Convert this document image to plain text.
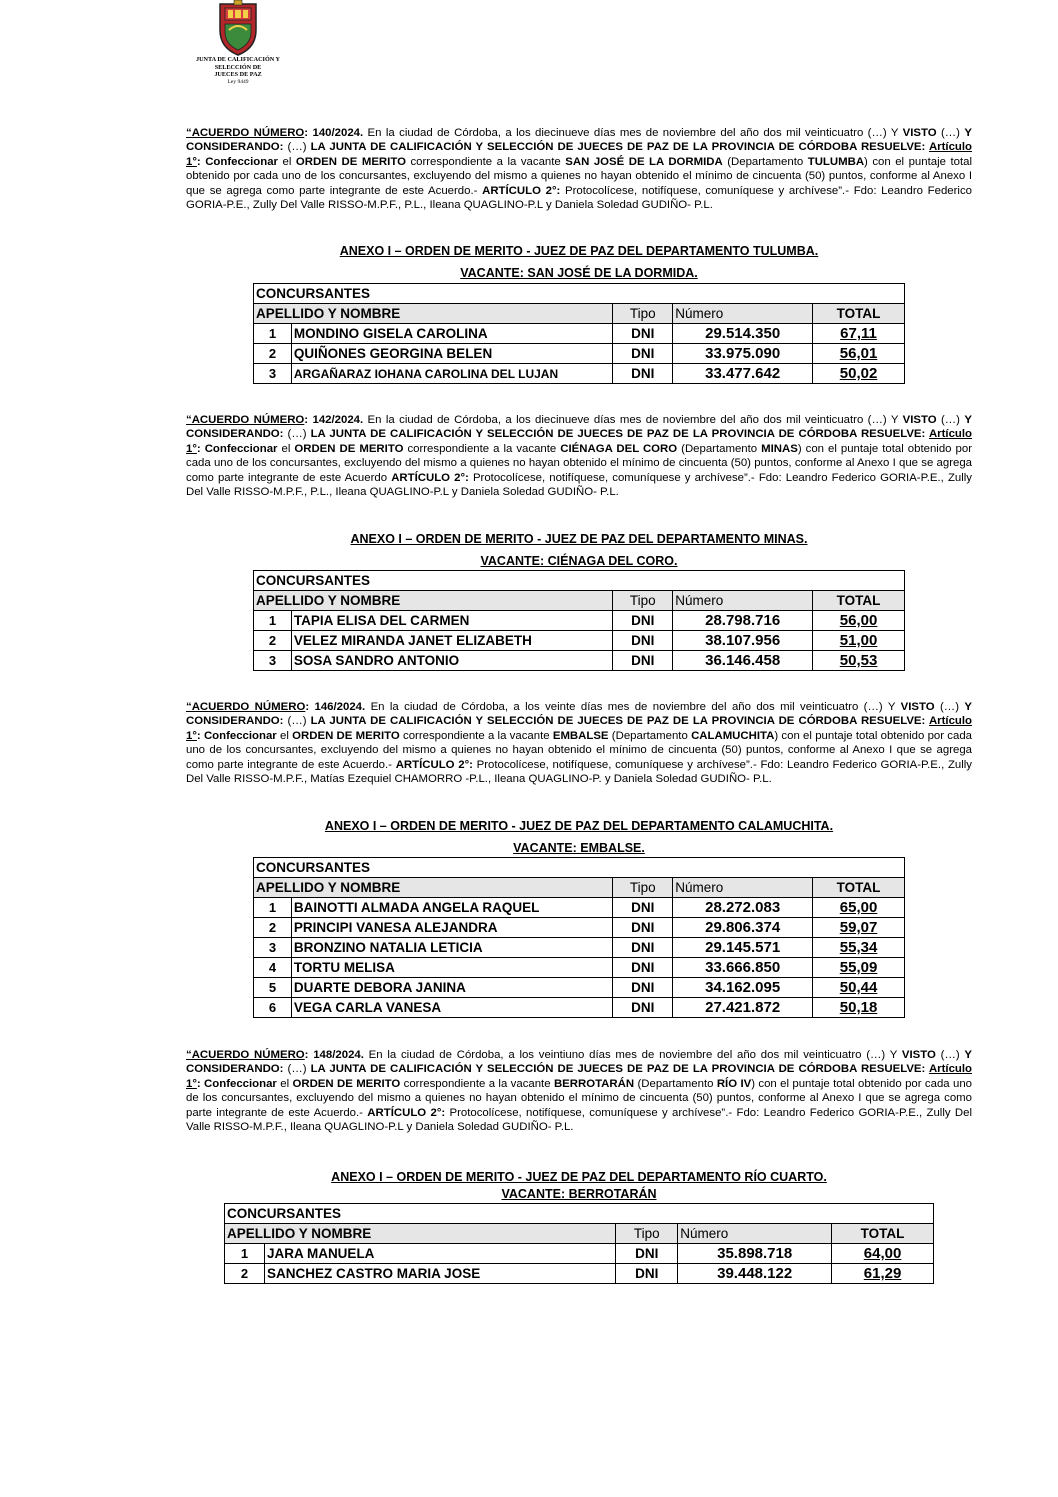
JUNTA DE CALIFICACIÓN Y SELECCIÓN DE
JUECES DE PAZ
Ley 9449

“ACUERDO NÚMERO: 140/2024. En la ciudad de Córdoba, a los diecinueve días mes de noviembre del año dos mil veinticuatro (…) Y VISTO (…) Y CONSIDERANDO: (…) LA JUNTA DE CALIFICACIÓN Y SELECCIÓN DE JUECES DE PAZ DE LA PROVINCIA DE CÓRDOBA RESUELVE: Artículo 1°: Confeccionar el ORDEN DE MERITO correspondiente a la vacante SAN JOSÉ DE LA DORMIDA (Departamento TULUMBA) con el puntaje total obtenido por cada uno de los concursantes, excluyendo del mismo a quienes no hayan obtenido el mínimo de cincuenta (50) puntos, conforme al Anexo I que se agrega como parte integrante de este Acuerdo.- ARTÍCULO 2°: Protocolícese, notifíquese, comuníquese y archívese”.- Fdo: Leandro Federico GORIA-P.E., Zully Del Valle RISSO-M.P.F., P.L., Ileana QUAGLINO-P.L y Daniela Soledad GUDIÑO- P.L.

ANEXO I – ORDEN DE MERITO - JUEZ DE PAZ DEL DEPARTAMENTO TULUMBA.

VACANTE: SAN JOSÉ DE LA DORMIDA.

CONCURSANTES				
APELLIDO Y NOMBRE		Tipo	Número	TOTAL
1	MONDINO GISELA CAROLINA	DNI	29.514.350	67,11
2	QUIÑONES GEORGINA BELEN	DNI	33.975.090	56,01
3	ARGAÑARAZ IOHANA CAROLINA DEL LUJAN	DNI	33.477.642	50,02

“ACUERDO NÚMERO: 142/2024. En la ciudad de Córdoba, a los diecinueve días mes de noviembre del año dos mil veinticuatro (…) Y VISTO (…) Y CONSIDERANDO: (…) LA JUNTA DE CALIFICACIÓN Y SELECCIÓN DE JUECES DE PAZ DE LA PROVINCIA DE CÓRDOBA RESUELVE: Artículo 1°: Confeccionar el ORDEN DE MERITO correspondiente a la vacante CIÉNAGA DEL CORO (Departamento MINAS) con el puntaje total obtenido por cada uno de los concursantes, excluyendo del mismo a quienes no hayan obtenido el mínimo de cincuenta (50) puntos, conforme al Anexo I que se agrega como parte integrante de este Acuerdo ARTÍCULO 2°: Protocolícese, notifíquese, comuníquese y archívese”.- Fdo: Leandro Federico GORIA-P.E., Zully Del Valle RISSO-M.P.F., P.L., Ileana QUAGLINO-P.L y Daniela Soledad GUDIÑO- P.L.

ANEXO I – ORDEN DE MERITO - JUEZ DE PAZ DEL DEPARTAMENTO MINAS.

VACANTE: CIÉNAGA DEL CORO.

CONCURSANTES				
APELLIDO Y NOMBRE		Tipo	Número	TOTAL
1	TAPIA ELISA DEL CARMEN	DNI	28.798.716	56,00
2	VELEZ MIRANDA JANET ELIZABETH	DNI	38.107.956	51,00
3	SOSA SANDRO ANTONIO	DNI	36.146.458	50,53

“ACUERDO NÚMERO: 146/2024. En la ciudad de Córdoba, a los veinte días mes de noviembre del año dos mil veinticuatro (…) Y VISTO (…) Y CONSIDERANDO: (…) LA JUNTA DE CALIFICACIÓN Y SELECCIÓN DE JUECES DE PAZ DE LA PROVINCIA DE CÓRDOBA RESUELVE: Artículo 1°: Confeccionar el ORDEN DE MERITO correspondiente a la vacante EMBALSE (Departamento CALAMUCHITA) con el puntaje total obtenido por cada uno de los concursantes, excluyendo del mismo a quienes no hayan obtenido el mínimo de cincuenta (50) puntos, conforme al Anexo I que se agrega como parte integrante de este Acuerdo.- ARTÍCULO 2°: Protocolícese, notifíquese, comuníquese y archívese”.- Fdo: Leandro Federico GORIA-P.E., Zully Del Valle RISSO-M.P.F., Matías Ezequiel CHAMORRO -P.L., Ileana QUAGLINO-P. y Daniela Soledad GUDIÑO- P.L.

ANEXO I – ORDEN DE MERITO - JUEZ DE PAZ DEL DEPARTAMENTO CALAMUCHITA.

VACANTE: EMBALSE.

CONCURSANTES				
APELLIDO Y NOMBRE		Tipo	Número	TOTAL
1	BAINOTTI ALMADA ANGELA RAQUEL	DNI	28.272.083	65,00
2	PRINCIPI VANESA ALEJANDRA	DNI	29.806.374	59,07
3	BRONZINO NATALIA LETICIA	DNI	29.145.571	55,34
4	TORTU MELISA	DNI	33.666.850	55,09
5	DUARTE DEBORA JANINA	DNI	34.162.095	50,44
6	VEGA CARLA VANESA	DNI	27.421.872	50,18

“ACUERDO NÚMERO: 148/2024. En la ciudad de Córdoba, a los veintiuno días mes de noviembre del año dos mil veinticuatro (…) Y VISTO (…) Y CONSIDERANDO: (…) LA JUNTA DE CALIFICACIÓN Y SELECCIÓN DE JUECES DE PAZ DE LA PROVINCIA DE CÓRDOBA RESUELVE: Artículo 1°: Confeccionar el ORDEN DE MERITO correspondiente a la vacante BERROTARÁN (Departamento RÍO IV) con el puntaje total obtenido por cada uno de los concursantes, excluyendo del mismo a quienes no hayan obtenido el mínimo de cincuenta (50) puntos, conforme al Anexo I que se agrega como parte integrante de este Acuerdo.- ARTÍCULO 2°: Protocolícese, notifíquese, comuníquese y archívese”.- Fdo: Leandro Federico GORIA-P.E., Zully Del Valle RISSO-M.P.F., Ileana QUAGLINO-P.L y Daniela Soledad GUDIÑO- P.L.

ANEXO I – ORDEN DE MERITO - JUEZ DE PAZ DEL DEPARTAMENTO RÍO CUARTO.

VACANTE: BERROTARÁN

CONCURSANTES				
APELLIDO Y NOMBRE		Tipo	Número	TOTAL
1	JARA MANUELA	DNI	35.898.718	64,00
2	SANCHEZ CASTRO MARIA JOSE	DNI	39.448.122	61,29
